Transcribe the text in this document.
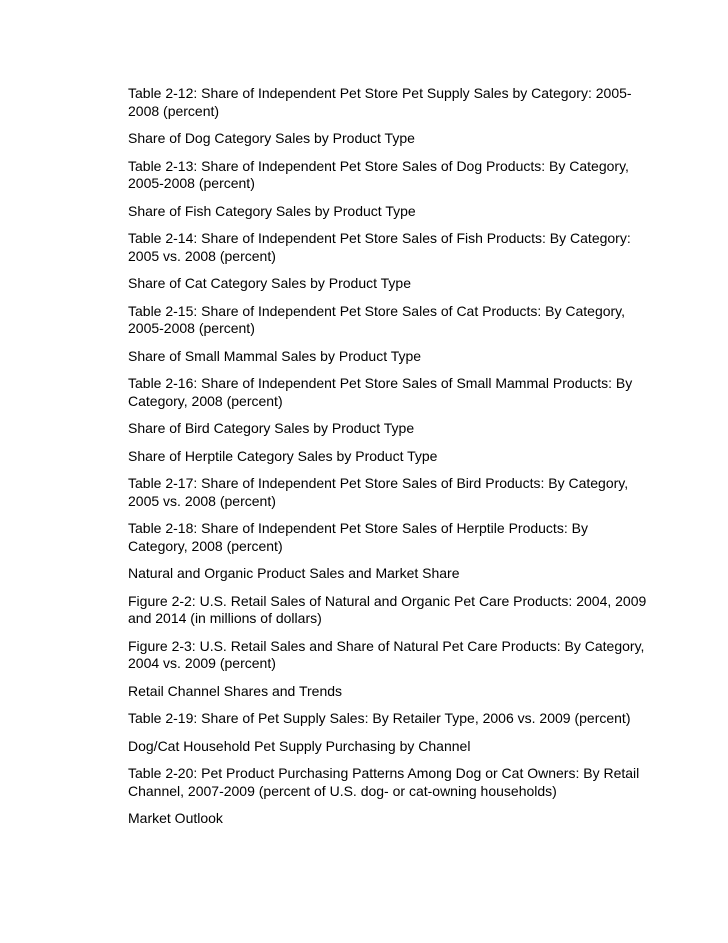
Table 2-12: Share of Independent Pet Store Pet Supply Sales by Category: 2005-2008 (percent)

Share of Dog Category Sales by Product Type

Table 2-13: Share of Independent Pet Store Sales of Dog Products: By Category, 2005-2008 (percent)

Share of Fish Category Sales by Product Type

Table 2-14: Share of Independent Pet Store Sales of Fish Products: By Category: 2005 vs. 2008 (percent)

Share of Cat Category Sales by Product Type

Table 2-15: Share of Independent Pet Store Sales of Cat Products: By Category, 2005-2008 (percent)

Share of Small Mammal Sales by Product Type

Table 2-16: Share of Independent Pet Store Sales of Small Mammal Products: By Category, 2008 (percent)

Share of Bird Category Sales by Product Type

Share of Herptile Category Sales by Product Type

Table 2-17: Share of Independent Pet Store Sales of Bird Products: By Category, 2005 vs. 2008 (percent)

Table 2-18: Share of Independent Pet Store Sales of Herptile Products: By Category, 2008 (percent)

Natural and Organic Product Sales and Market Share

Figure 2-2: U.S. Retail Sales of Natural and Organic Pet Care Products: 2004, 2009 and 2014 (in millions of dollars)

Figure 2-3: U.S. Retail Sales and Share of Natural Pet Care Products: By Category, 2004 vs. 2009 (percent)

Retail Channel Shares and Trends

Table 2-19: Share of Pet Supply Sales: By Retailer Type, 2006 vs. 2009 (percent)

Dog/Cat Household Pet Supply Purchasing by Channel

Table 2-20: Pet Product Purchasing Patterns Among Dog or Cat Owners: By Retail Channel, 2007-2009 (percent of U.S. dog- or cat-owning households)

Market Outlook
